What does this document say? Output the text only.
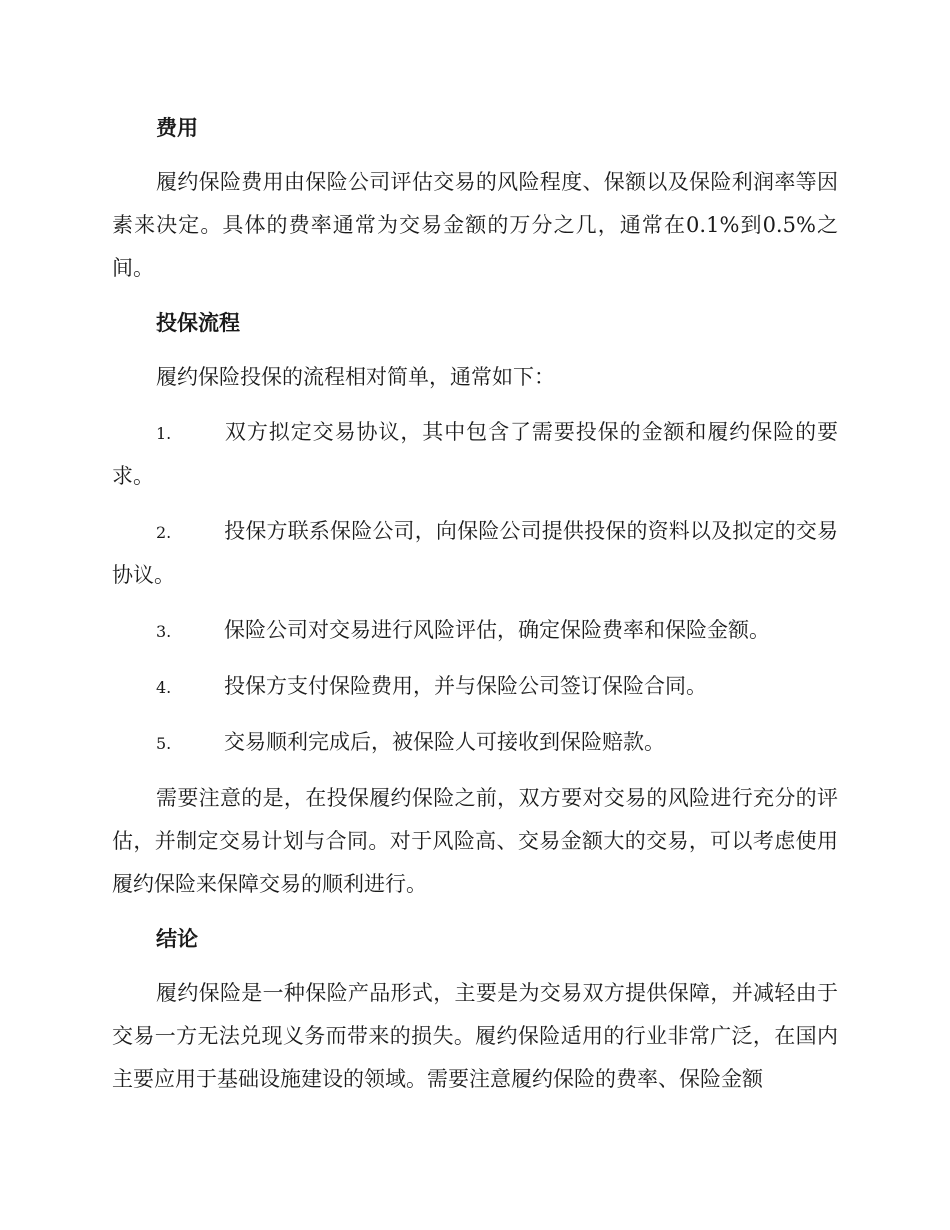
费用

履约保险费用由保险公司评估交易的风险程度、保额以及保险利润率等因素来决定。具体的费率通常为交易金额的万分之几，通常在0.1%到0.5%之间。

投保流程

履约保险投保的流程相对简单，通常如下：

1.	双方拟定交易协议，其中包含了需要投保的金额和履约保险的要求。
2.	投保方联系保险公司，向保险公司提供投保的资料以及拟定的交易协议。
3.	保险公司对交易进行风险评估，确定保险费率和保险金额。
4.	投保方支付保险费用，并与保险公司签订保险合同。
5.	交易顺利完成后，被保险人可接收到保险赔款。

需要注意的是，在投保履约保险之前，双方要对交易的风险进行充分的评估，并制定交易计划与合同。对于风险高、交易金额大的交易，可以考虑使用履约保险来保障交易的顺利进行。

结论

履约保险是一种保险产品形式，主要是为交易双方提供保障，并减轻由于交易一方无法兑现义务而带来的损失。履约保险适用的行业非常广泛，在国内主要应用于基础设施建设的领域。需要注意履约保险的费率、保险金额
